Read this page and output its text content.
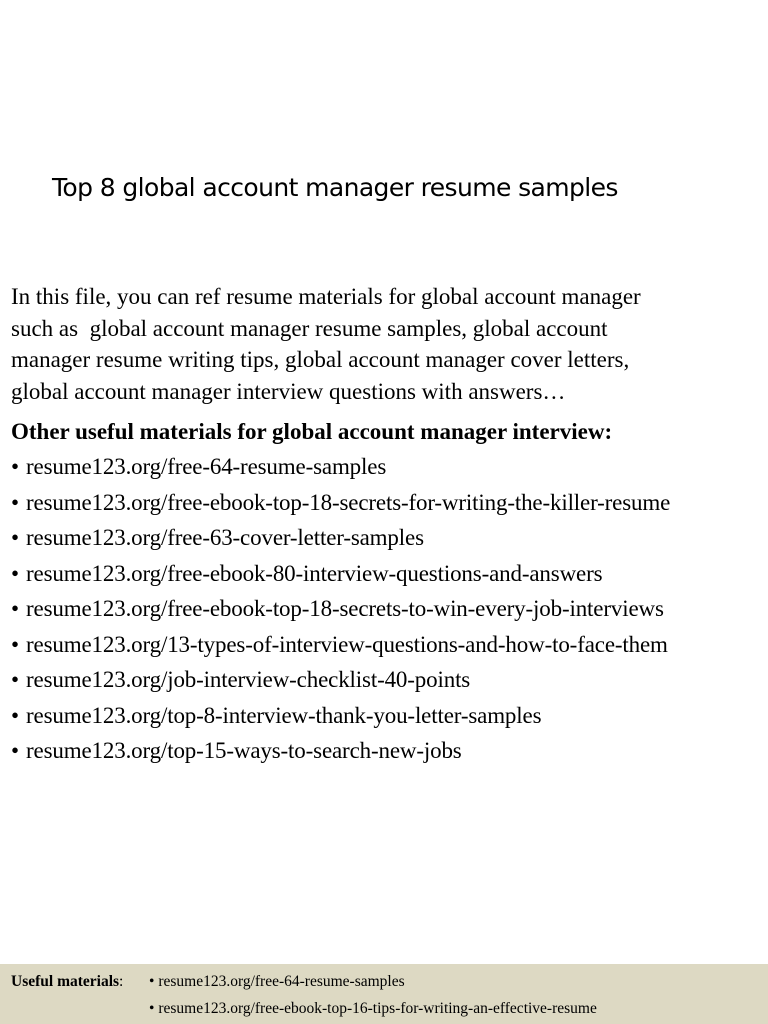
Top 8 global account manager resume samples

In this file, you can ref resume materials for global account manager
such as  global account manager resume samples, global account
manager resume writing tips, global account manager cover letters,
global account manager interview questions with answers…

Other useful materials for global account manager interview:
• resume123.org/free-64-resume-samples
• resume123.org/free-ebook-top-18-secrets-for-writing-the-killer-resume
• resume123.org/free-63-cover-letter-samples
• resume123.org/free-ebook-80-interview-questions-and-answers
• resume123.org/free-ebook-top-18-secrets-to-win-every-job-interviews
• resume123.org/13-types-of-interview-questions-and-how-to-face-them
• resume123.org/job-interview-checklist-40-points
• resume123.org/top-8-interview-thank-you-letter-samples
• resume123.org/top-15-ways-to-search-new-jobs
Useful materials: • resume123.org/free-64-resume-samples
• resume123.org/free-ebook-top-16-tips-for-writing-an-effective-resume
